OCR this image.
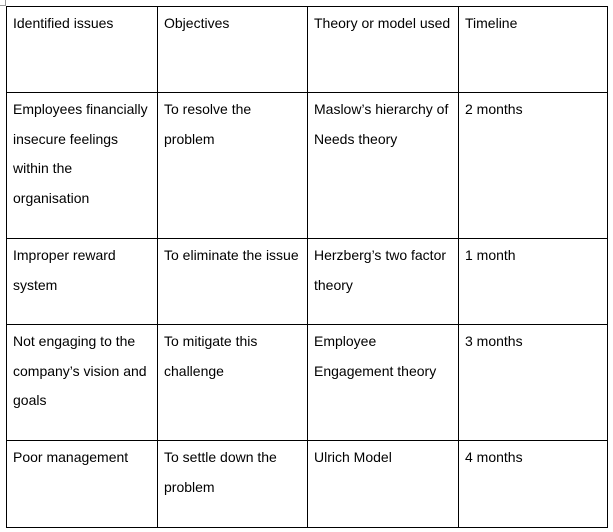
Identified issues	Objectives	Theory or model used	Timeline

Employees financially insecure feelings within the organisation	To resolve the problem	Maslow’s hierarchy of Needs theory	2 months

Improper reward system	To eliminate the issue	Herzberg’s two factor theory	1 month

Not engaging to the company’s vision and goals	To mitigate this challenge	Employee Engagement theory	3 months

Poor management	To settle down the problem	Ulrich Model	4 months
